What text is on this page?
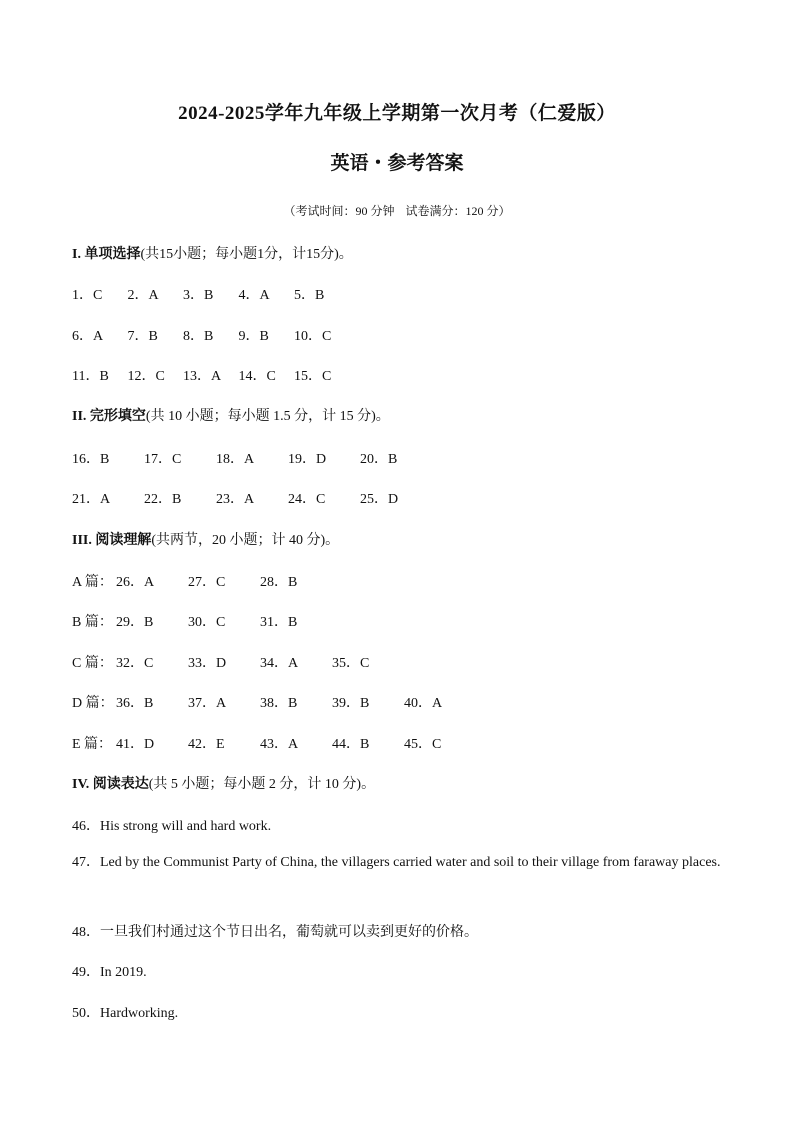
2024-2025学年九年级上学期第一次月考（仁爱版）
英语・参考答案
（考试时间：90 分钟 试卷满分：120 分）
I. 单项选择(共15小题；每小题1分，计15分)。
1．C 2．A 3．B 4．A 5．B
6．A 7．B 8．B 9．B 10．C
11．B 12．C 13．A 14．C 15．C
II. 完形填空(共 10 小题；每小题 1.5 分，计 15 分)。
16．B 17．C 18．A 19．D 20．B
21．A 22．B 23．A 24．C 25．D
III. 阅读理解(共两节，20 小题；计 40 分)。
A 篇： 26．A 27．C 28．B
B 篇： 29．B 30．C 31．B
C 篇： 32．C 33．D 34．A 35．C
D 篇： 36．B 37．A 38．B 39．B 40．A
E 篇： 41．D 42．E	43．A 44．B 45．C
IV. 阅读表达(共 5 小题；每小题 2 分，计 10 分)。
46．His strong will and hard work.
47．Led by the Communist Party of China, the villagers carried water and soil to their village from faraway places.
48．一旦我们村通过这个节日出名，葡萄就可以卖到更好的价格。
49．In 2019.
50．Hardworking.
